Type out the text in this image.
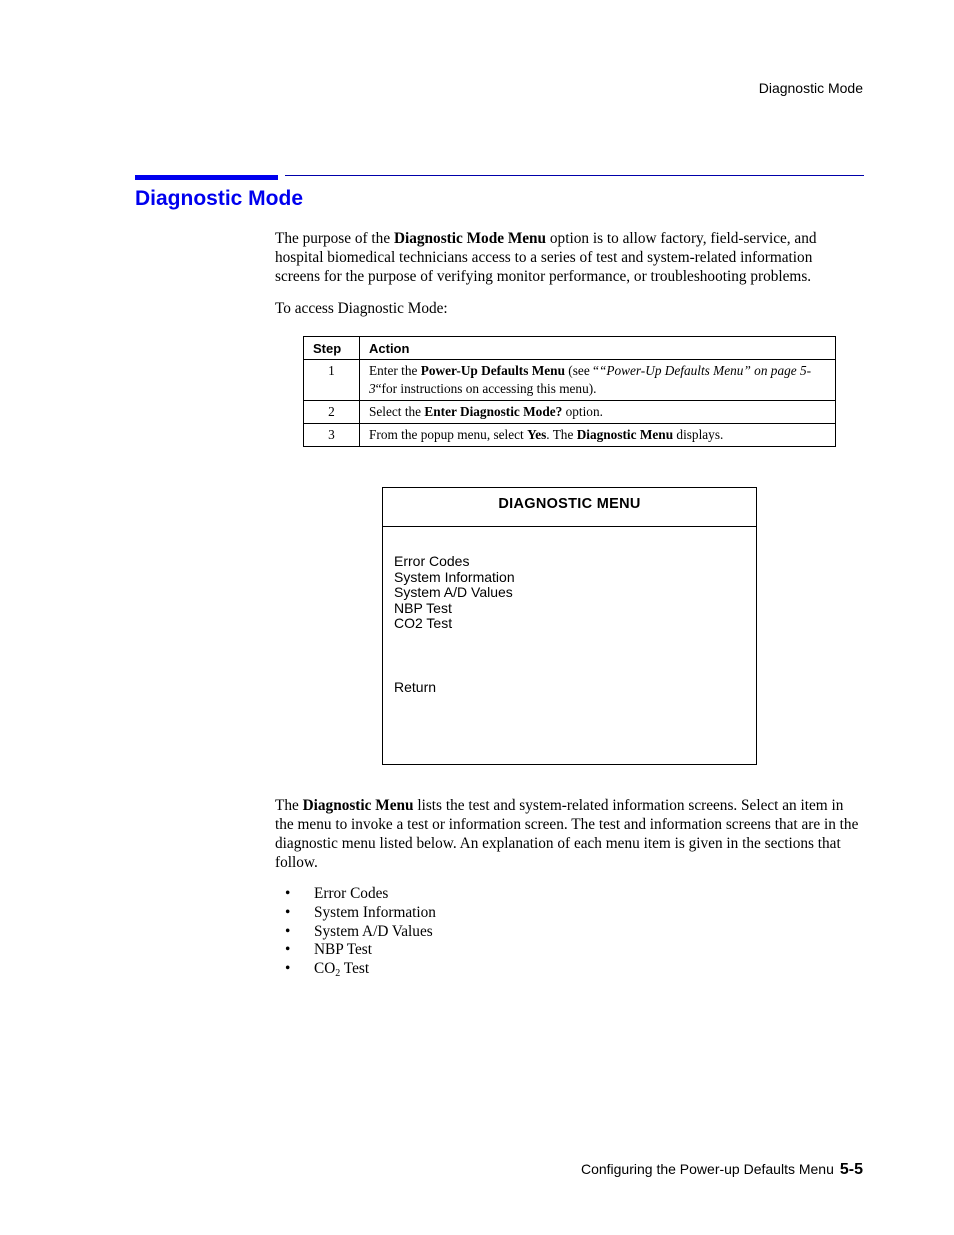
Diagnostic Mode
Diagnostic Mode

The purpose of the Diagnostic Mode Menu option is to allow factory, field-service, and hospital biomedical technicians access to a series of test and system-related information screens for the purpose of verifying monitor performance, or troubleshooting problems.

To access Diagnostic Mode:

Step	Action
1	Enter the Power-Up Defaults Menu (see ““Power-Up Defaults Menu” on page 5-3“for instructions on accessing this menu).
2	Select the Enter Diagnostic Mode? option.
3	From the popup menu, select Yes. The Diagnostic Menu displays.
DIAGNOSTIC MENU
Error Codes
System Information
System A/D Values
NBP Test
CO2 Test
Return

The Diagnostic Menu lists the test and system-related information screens. Select an item in the menu to invoke a test or information screen. The test and information screens that are in the diagnostic menu listed below. An explanation of each menu item is given in the sections that follow.

•	Error Codes
•	System Information
•	System A/D Values
•	NBP Test
•	$CO_2$ Test
Configuring the Power-up Defaults Menu 5-5
